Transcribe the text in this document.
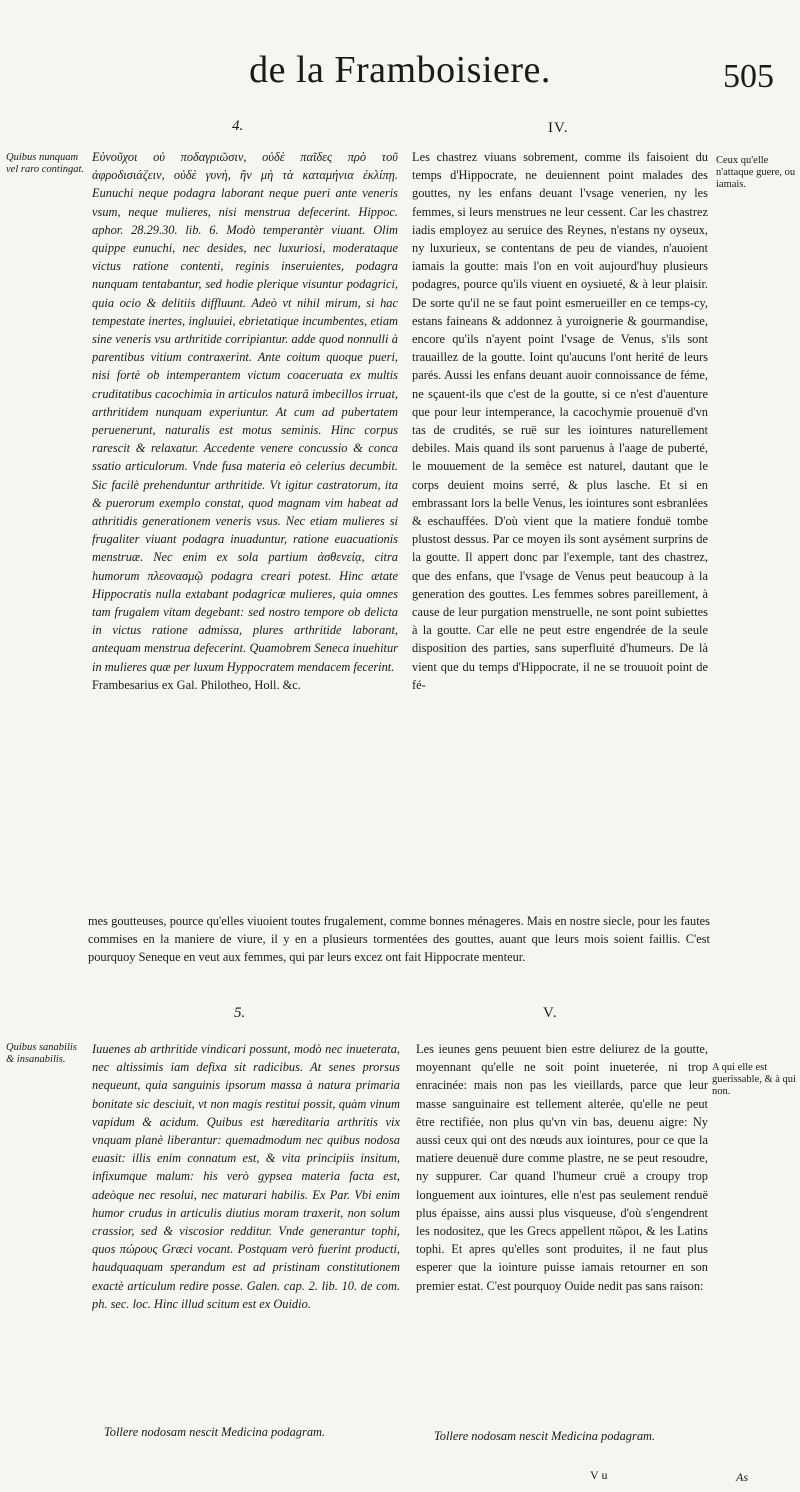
de la Framboisiere.	505
4.	IV.
Quibus nunquam vel raro contingat.
Ceux qu'elle n'attaque guere, ou iamais.

Εὐνοῦχοι οὐ ποδαγριῶσιν, οὐδὲ παῖδες πρὸ τοῦ ἀφροδισιάζειν, οὐδὲ γυνὴ, ἢν μὴ τὰ καταμήνια ἐκλίπῃ. Eunuchi neque podagra laborant neque pueri ante veneris vsum, neque mulieres, nisi menstrua defecerint. Hippoc. aphor. 28.29.30. lib. 6. Modò temperantèr viuant. Olim quippe eunuchi, nec desides, nec luxuriosi, moderataque victus ratione contenti, reginis inseruientes, podagra nunquam tentabantur, sed hodie plerique visuntur podagrici, quia ocio & delitiis diffluunt. Adeò vt nihil mirum, si hac tempestate inertes, ingluuiei, ebrietatique incumbentes, etiam sine veneris vsu arthritide corripiantur. adde quod nonnulli à parentibus vitium contraxerint. Ante coitum quoque pueri, nisi fortè ob intemperantem victum coaceruata ex multis cruditatibus cacochimia in articulos naturâ imbecillos irruat, arthritidem nunquam experiuntur. At cum ad pubertatem peruenerunt, naturalis est motus seminis. Hinc corpus rarescit & relaxatur. Accedente venere concussio & conca ssatio articulorum. Vnde fusa materia eò celerius decumbit. Sic facilè prehenduntur arthritide. Vt igitur castratorum, ita & puerorum exemplo constat, quod magnam vim habeat ad athritidis generationem veneris vsus. Nec etiam mulieres si frugaliter viuant podagra inuaduntur, ratione euacuationis menstruæ. Nec enim ex sola partium ἀσθενείᾳ, citra humorum πλεονασμῷ podagra creari potest. Hinc ætate Hippocratis nulla extabant podagricæ mulieres, quia omnes tam frugalem vitam degebant: sed nostro tempore ob delicta in victus ratione admissa, plures arthritide laborant, antequam menstrua defecerint. Quamobrem Seneca inuehitur in mulieres quæ per luxum Hyppocratem mendacem fecerint.

Frambesarius ex Gal. Philotheo, Holl. &c.

Les chastrez viuans sobrement, comme ils faisoient du temps d'Hippocrate, ne deuiennent point malades des gouttes, ny les enfans deuant l'vsage venerien, ny les femmes, si leurs menstrues ne leur cessent. Car les chastrez iadis employez au seruice des Reynes, n'estans ny oyseux, ny luxurieux, se contentans de peu de viandes, n'auoient iamais la goutte: mais l'on en voit aujourd'huy plusieurs podagres, pource qu'ils viuent en oysiueté, & à leur plaisir. De sorte qu'il ne se faut point esmerueiller en ce temps-cy, estans faineans & addonnez à yuroignerie & gourmandise, encore qu'ils n'ayent point l'vsage de Venus, s'ils sont trauaillez de la goutte. Ioint qu'aucuns l'ont herité de leurs parés. Aussi les enfans deuant auoir connoissance de féme, ne sçauent-ils que c'est de la goutte, si ce n'est d'auenture que pour leur intemperance, la cacochymie prouenuë d'vn tas de crudités, se ruë sur les iointures naturellement debiles. Mais quand ils sont paruenus à l'aage de puberté, le mouuement de la semèce est naturel, dautant que le corps deuient moins serré, & plus lasche. Et si en embrassant lors la belle Venus, les iointures sont esbranlées & eschauffées. D'où vient que la matiere fonduë tombe plustost dessus. Par ce moyen ils sont aysément surprins de la goutte. Il appert donc par l'exemple, tant des chastrez, que des enfans, que l'vsage de Venus peut beaucoup à la generation des gouttes. Les femmes sobres pareillement, à cause de leur purgation menstruelle, ne sont point subiettes à la goutte. Car elle ne peut estre engendrée de la seule disposition des parties, sans superfluité d'humeurs. De là vient que du temps d'Hippocrate, il ne se trouuoit point de fé-

mes goutteuses, pource qu'elles viuoient toutes frugalement, comme bonnes ménageres. Mais en nostre siecle, pour les fautes commises en la maniere de viure, il y en a plusieurs tormentées des gouttes, auant que leurs mois soient faillis. C'est pourquoy Seneque en veut aux femmes, qui par leurs excez ont fait Hippocrate menteur.

5.	V.
Quibus sanabilis & insanabilis.
A qui elle est guerissable, & à qui non.

Iuuenes ab arthritide vindicari possunt, modò nec inueterata, nec altissimis iam defixa sit radicibus. At senes prorsus nequeunt, quia sanguinis ipsorum massa à natura primaria bonitate sic desciuit, vt non magis restitui possit, quàm vinum vapidum & acidum. Quibus est hæreditaria arthritis vix vnquam planè liberantur: quemadmodum nec quibus nodosa euasit: illis enim connatum est, & vita principiis insitum, infixumque malum: his verò gypsea materia facta est, adeòque nec resolui, nec maturari habilis. Ex Par. Vbi enim humor crudus in articulis diutius moram traxerit, non solum crassior, sed & viscosior redditur. Vnde generantur tophi, quos πώρους Græci vocant. Postquam verò fuerint producti, haudquaquam sperandum est ad pristinam constitutionem exactè articulum redire posse. Galen. cap. 2. lib. 10. de com. ph. sec. loc. Hinc illud scitum est ex Ouidio.

Les ieunes gens peuuent bien estre deliurez de la goutte, moyennant qu'elle ne soit point inueterée, ni trop enracinée: mais non pas les vieillards, parce que leur masse sanguinaire est tellement alterée, qu'elle ne peut être rectifiée, non plus qu'vn vin bas, deuenu aigre: Ny aussi ceux qui ont des nœuds aux iointures, pour ce que la matiere deuenuë dure comme plastre, ne se peut resoudre, ny suppurer. Car quand l'humeur cruë a croupy trop longuement aux iointures, elle n'est pas seulement renduë plus épaisse, ains aussi plus visqueuse, d'où s'engendrent les nodositez, que les Grecs appellent πῶροι, & les Latins tophi. Et apres qu'elles sont produites, il ne faut plus esperer que la iointure puisse iamais retourner en son premier estat. C'est pourquoy Ouide nedit pas sans raison:

Tollere nodosam nescit Medicina podagram.	Tollere nodosam nescit Medicina podagram.
V u	As
